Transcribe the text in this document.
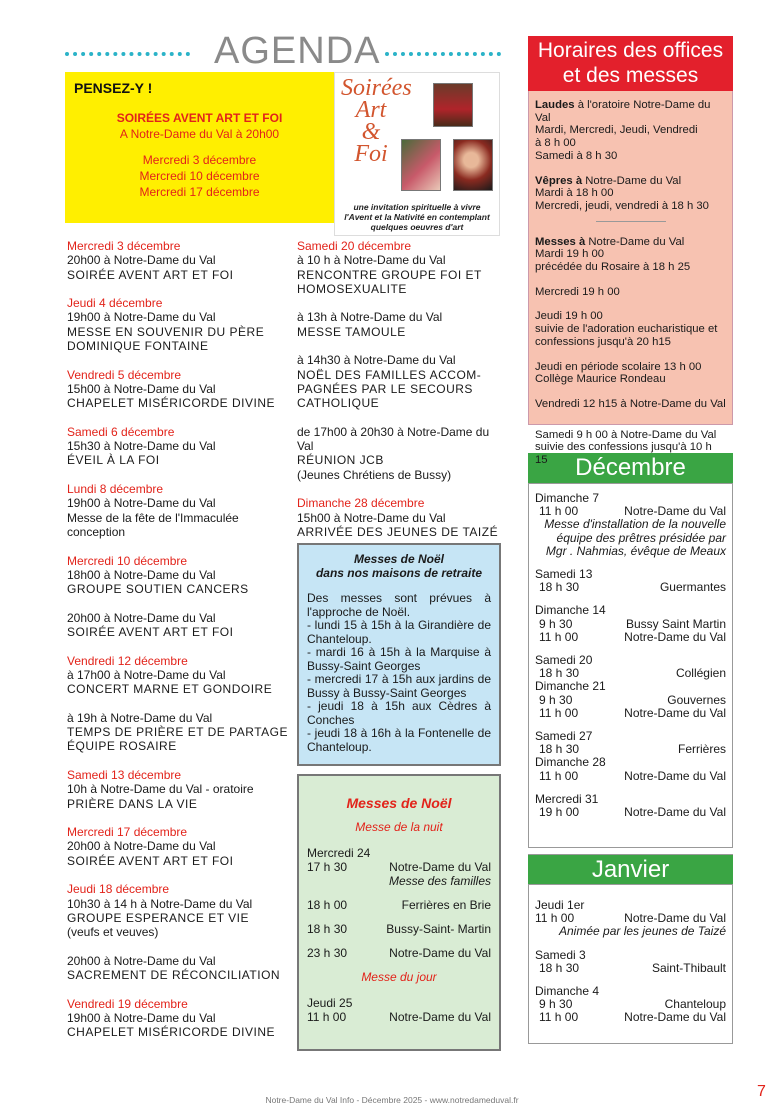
AGENDA
PENSEZ-Y !
SOIRÉES AVENT ART ET FOI
A Notre-Dame du Val à 20h00
Mercredi 3 décembre
Mercredi 10 décembre
Mercredi 17 décembre
Soirées
Art
&
Foi
une invitation spirituelle à vivre l'Avent et la Nativité en contemplant quelques oeuvres d'art
Mercredi 3 décembre
20h00 à Notre-Dame du Val
SOIRÉE AVENT ART ET FOI
Jeudi 4 décembre
19h00 à Notre-Dame du Val
MESSE EN SOUVENIR DU PÈRE DOMINIQUE FONTAINE
Vendredi 5 décembre
15h00 à Notre-Dame du Val
CHAPELET MISÉRICORDE DIVINE
Samedi 6 décembre
15h30 à Notre-Dame du Val
ÉVEIL À LA FOI
Lundi 8 décembre
19h00 à Notre-Dame du Val
Messe de la fête de l'Immaculée conception
Mercredi 10 décembre
18h00 à Notre-Dame du Val
GROUPE SOUTIEN CANCERS
20h00 à Notre-Dame du Val
SOIRÉE AVENT ART ET FOI
Vendredi 12 décembre
à 17h00 à Notre-Dame du Val
CONCERT MARNE ET GONDOIRE
à 19h à Notre-Dame du Val
TEMPS DE PRIÈRE ET DE PARTAGE ÉQUIPE ROSAIRE
Samedi 13 décembre
10h à Notre-Dame du Val - oratoire
PRIÈRE DANS LA VIE
Mercredi 17 décembre
20h00 à Notre-Dame du Val
SOIRÉE AVENT ART ET FOI
Jeudi 18 décembre
10h30 à 14 h à Notre-Dame du Val
GROUPE ESPERANCE ET VIE
(veufs et veuves)
20h00 à Notre-Dame du Val
SACREMENT DE RÉCONCILIATION
Vendredi 19 décembre
19h00 à Notre-Dame du Val
CHAPELET MISÉRICORDE DIVINE
Samedi 20 décembre
à 10 h à Notre-Dame du Val
RENCONTRE GROUPE FOI ET HOMOSEXUALITE
à 13h à Notre-Dame du Val
MESSE TAMOULE
à 14h30 à Notre-Dame du Val
NOËL DES FAMILLES ACCOM-PAGNÉES PAR LE SECOURS CATHOLIQUE
de 17h00 à 20h30 à Notre-Dame du Val
RÉUNION JCB
(Jeunes Chrétiens de Bussy)
Dimanche 28 décembre
15h00 à Notre-Dame du Val
ARRIVÉE DES JEUNES DE TAIZÉ
Messes de Noël
dans nos maisons de retraite

Des messes sont prévues à l'approche de Noël.

- lundi 15 à 15h à la Girandière de Chanteloup.

- mardi 16 à 15h à la Marquise à Bussy-Saint Georges

- mercredi 17 à 15h aux jardins de Bussy à Bussy-Saint Georges

- jeudi 18 à 15h aux Cèdres à Conches

- jeudi 18 à 16h à la Fontenelle de Chanteloup.

Messes de Noël
Messe de la nuit
Mercredi 24
17 h 30	Notre-Dame du Val
Messe des familles
18 h 00	Ferrières en Brie
18 h 30	Bussy-Saint- Martin
23 h 30	Notre-Dame du Val
Messe du jour
Jeudi 25
11 h 00	Notre-Dame du Val
Horaires des offices et des messes

Laudes à l'oratoire Notre-Dame du Val
Mardi, Mercredi, Jeudi, Vendredi
à 8 h 00
Samedi à 8 h 30

Vêpres à Notre-Dame du Val
Mardi à 18 h 00
Mercredi, jeudi, vendredi à 18 h 30

Messes à Notre-Dame du Val
Mardi 19 h 00
précédée du Rosaire à 18 h 25

Mercredi 19 h 00

Jeudi 19 h 00
suivie de l'adoration eucharistique et confessions jusqu'à 20 h15

Jeudi en période scolaire 13 h 00
Collège Maurice Rondeau

Vendredi 12 h15 à Notre-Dame du Val

Samedi 9 h 00 à Notre-Dame du Val
suivie des confessions jusqu'à 10 h 15	Décembre
Dimanche 7
11 h 00	Notre-Dame du Val
Messe d'installation de la nouvelle équipe des prêtres présidée par Mgr . Nahmias, évêque de Meaux
Samedi 13
18 h 30	Guermantes
Dimanche 14
9 h 30	Bussy Saint Martin
11 h 00	Notre-Dame du Val
Samedi 20
18 h 30	Collégien
Dimanche 21
9 h 30	Gouvernes
11 h 00	Notre-Dame du Val
Samedi 27
18 h 30	Ferrières
Dimanche 28
11 h 00	Notre-Dame du Val
Mercredi 31
19 h 00	Notre-Dame du Val
Janvier
Jeudi 1er
11 h 00	Notre-Dame du Val
Animée par les jeunes de Taizé
Samedi 3
18 h 30	Saint-Thibault
Dimanche 4
9 h 30	Chanteloup
11 h 00	Notre-Dame du Val
Notre-Dame du Val Info - Décembre 2025 - www.notredameduval.fr	7
